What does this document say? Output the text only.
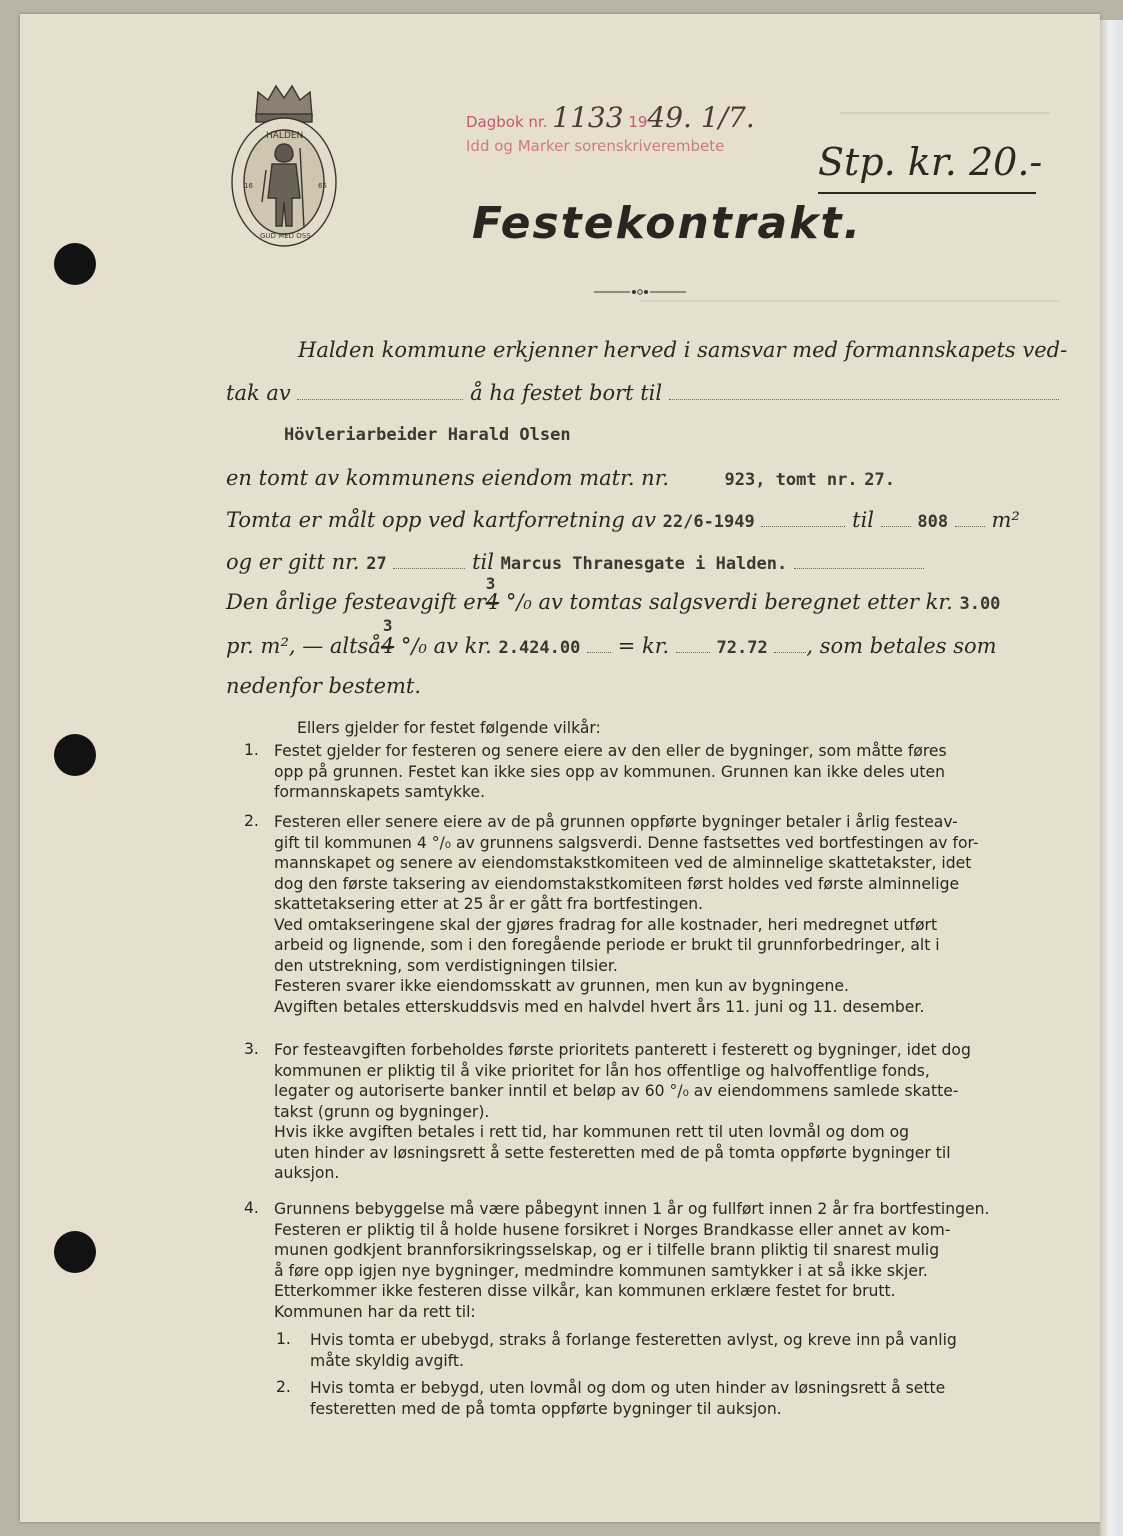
HALDEN
16	65
GUD MED OSS
Dagbok nr. 1133 1949. 1/7.
Idd og Marker sorenskriverembete	Stp. kr. 20.-
Festekontrakt.
Halden kommune erkjenner herved i samsvar med formannskapets ved-
tak av	å ha festet bort til
Hövleriarbeider Harald Olsen
en tomt av kommunens eiendom matr. nr.	923, tomt nr. 27.
Tomta er målt opp ved kartforretning av 22/6-1949	til	808 m²
og er gitt nr. 27	til Marcus Thranesgate i Halden.
Den årlige festeavgift er
3
4 °/₀ av tomtas salgsverdi beregnet etter kr. 3.00
pr. m², — altså
3
4 °/₀ av kr. 2.424.00 = kr.	72.72 , som betales som
nedenfor bestemt.
Ellers gjelder for festet følgende vilkår:
1. Festet gjelder for festeren og senere eiere av den eller de bygninger, som måtte føres
opp på grunnen. Festet kan ikke sies opp av kommunen. Grunnen kan ikke deles uten
formannskapets samtykke.
2. Festeren eller senere eiere av de på grunnen oppførte bygninger betaler i årlig festeav-
gift til kommunen 4 °/₀ av grunnens salgsverdi. Denne fastsettes ved bortfestingen av for-
mannskapet og senere av eiendomstakstkomiteen ved de alminnelige skattetakster, idet
dog den første taksering av eiendomstakstkomiteen først holdes ved første alminnelige
skattetaksering etter at 25 år er gått fra bortfestingen.
Ved omtakseringene skal der gjøres fradrag for alle kostnader, heri medregnet utført
arbeid og lignende, som i den foregående periode er brukt til grunnforbedringer, alt i
den utstrekning, som verdistigningen tilsier.
Festeren svarer ikke eiendomsskatt av grunnen, men kun av bygningene.
Avgiften betales etterskuddsvis med en halvdel hvert års 11. juni og 11. desember.
3. For festeavgiften forbeholdes første prioritets panterett i festerett og bygninger, idet dog
kommunen er pliktig til å vike prioritet for lån hos offentlige og halvoffentlige fonds,
legater og autoriserte banker inntil et beløp av 60 °/₀ av eiendommens samlede skatte-
takst (grunn og bygninger).
Hvis ikke avgiften betales i rett tid, har kommunen rett til uten lovmål og dom og
uten hinder av løsningsrett å sette festeretten med de på tomta oppførte bygninger til
auksjon.
4. Grunnens bebyggelse må være påbegynt innen 1 år og fullført innen 2 år fra bortfestingen.
Festeren er pliktig til å holde husene forsikret i Norges Brandkasse eller annet av kom-
munen godkjent brannforsikringsselskap, og er i tilfelle brann pliktig til snarest mulig
å føre opp igjen nye bygninger, medmindre kommunen samtykker i at så ikke skjer.
Etterkommer ikke festeren disse vilkår, kan kommunen erklære festet for brutt.
Kommunen har da rett til:
1. Hvis tomta er ubebygd, straks å forlange festeretten avlyst, og kreve inn på vanlig
måte skyldig avgift.
2. Hvis tomta er bebygd, uten lovmål og dom og uten hinder av løsningsrett å sette
festeretten med de på tomta oppførte bygninger til auksjon.
